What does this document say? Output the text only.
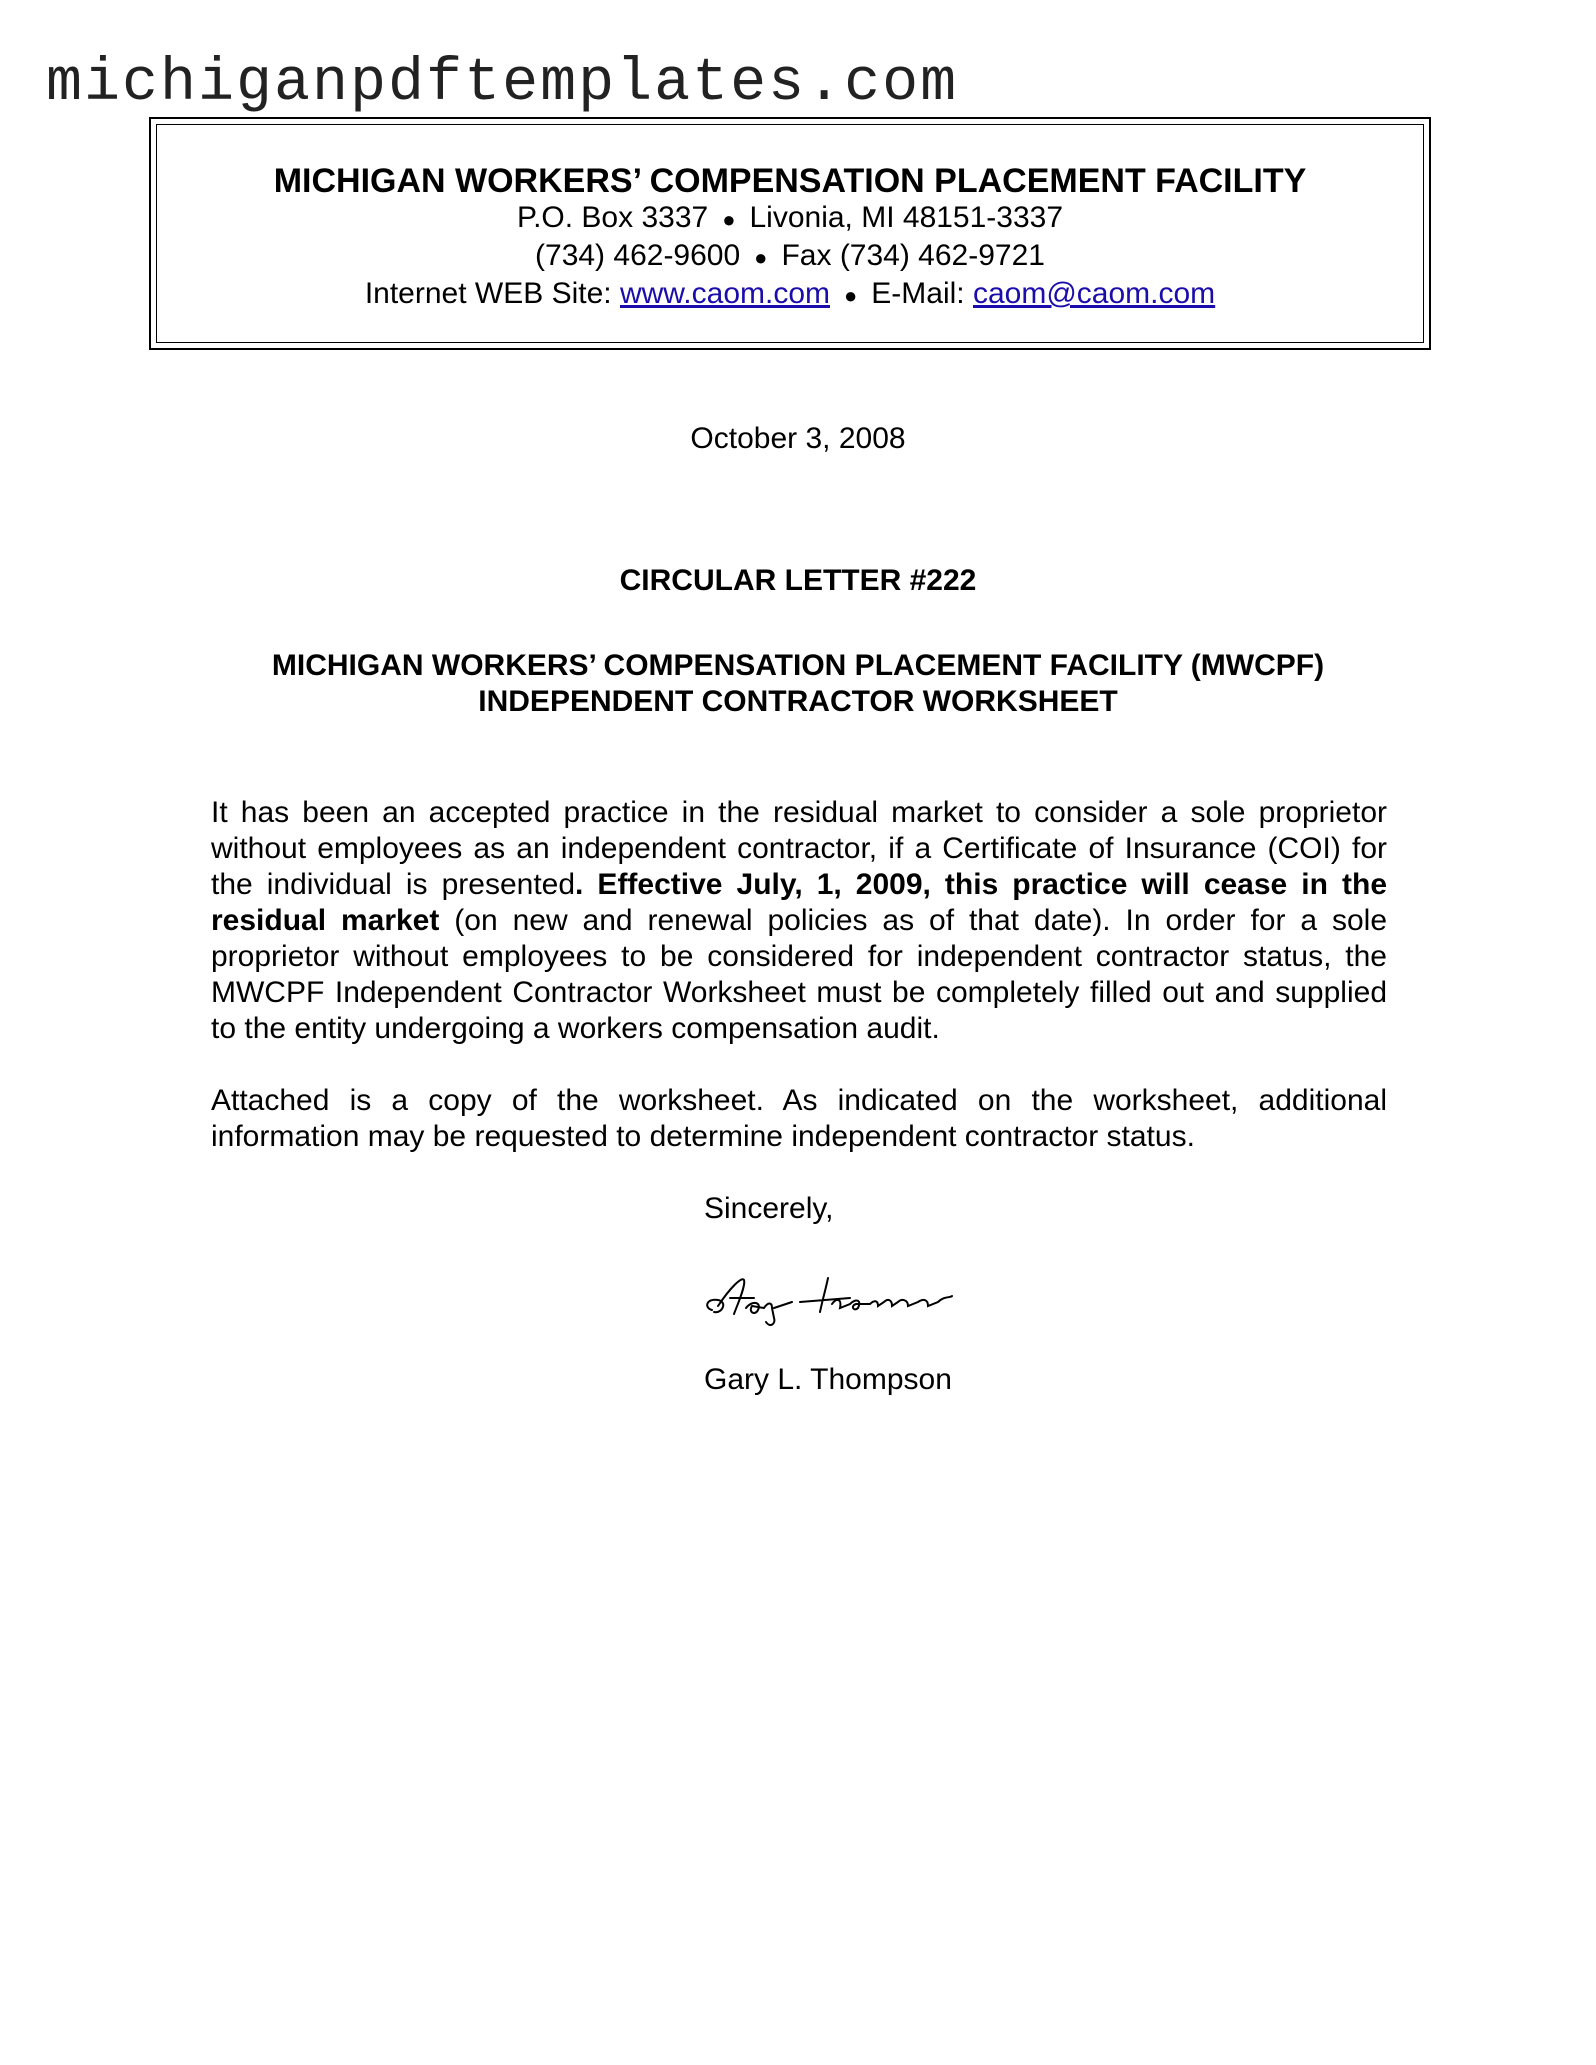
michiganpdftemplates.com
MICHIGAN WORKERS’ COMPENSATION PLACEMENT FACILITY
P.O. Box 3337 ● Livonia, MI 48151-3337
(734) 462-9600 ● Fax (734) 462-9721
Internet WEB Site: www.caom.com ● E-Mail: caom@caom.com
October 3, 2008
CIRCULAR LETTER #222
MICHIGAN WORKERS’ COMPENSATION PLACEMENT FACILITY (MWCPF)
INDEPENDENT CONTRACTOR WORKSHEET
It has been an accepted practice in the residual market to consider a sole proprietor without employees as an independent contractor, if a Certificate of Insurance (COI) for the individual is presented. Effective July, 1, 2009, this practice will cease in the residual market (on new and renewal policies as of that date). In order for a sole proprietor without employees to be considered for independent contractor status, the MWCPF Independent Contractor Worksheet must be completely filled out and supplied to the entity undergoing a workers compensation audit.
Attached is a copy of the worksheet. As indicated on the worksheet, additional information may be requested to determine independent contractor status.
Sincerely,
Gary L. Thompson
